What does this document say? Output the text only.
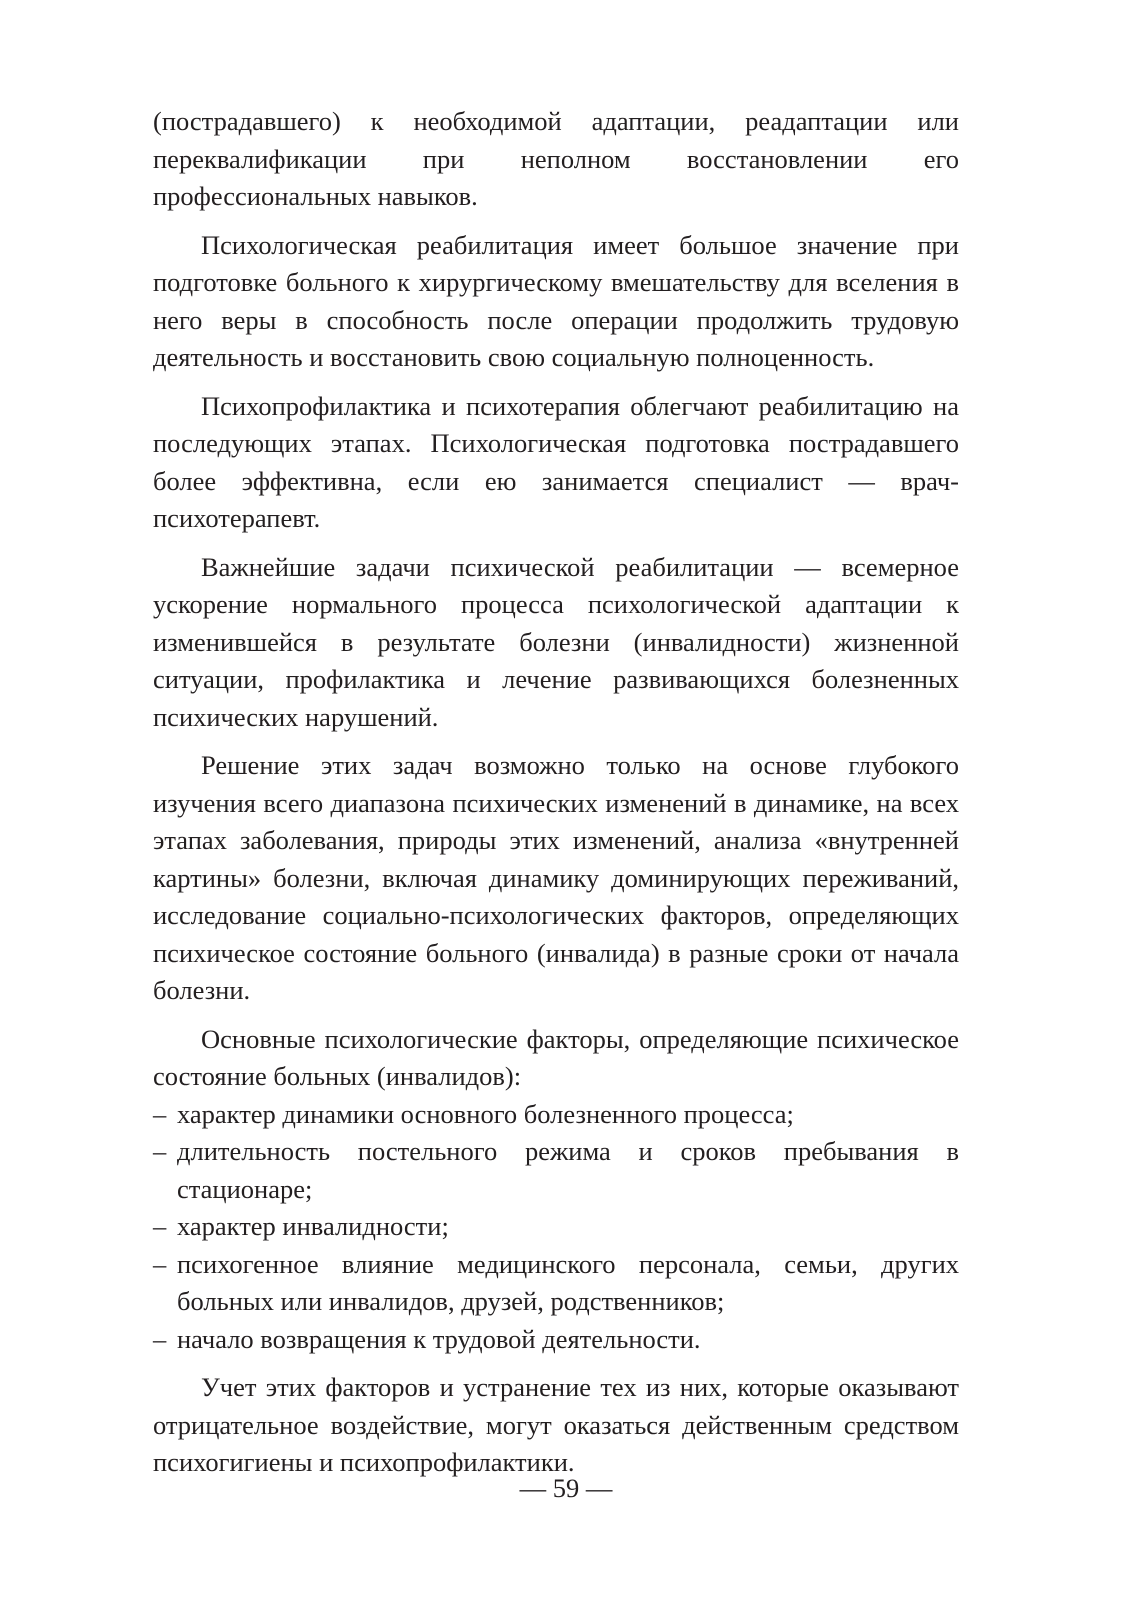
(пострадавшего) к необходимой адаптации, реадаптации или переквалификации при неполном восстановлении его профессиональных навыков.

Психологическая реабилитация имеет большое значение при подготовке больного к хирургическому вмешательству для вселения в него веры в способность после операции продолжить трудовую деятельность и восстановить свою социальную полноценность.

Психопрофилактика и психотерапия облегчают реабилитацию на последующих этапах. Психологическая подготовка пострадавшего более эффективна, если ею занимается специалист — врач-психотерапевт.

Важнейшие задачи психической реабилитации — всемерное ускорение нормального процесса психологической адаптации к изменившейся в результате болезни (инвалидности) жизненной ситуации, профилактика и лечение развивающихся болезненных психических нарушений.

Решение этих задач возможно только на основе глубокого изучения всего диапазона психических изменений в динамике, на всех этапах заболевания, природы этих изменений, анализа «внутренней картины» болезни, включая динамику доминирующих переживаний, исследование социально-психологических факторов, определяющих психическое состояние больного (инвалида) в разные сроки от начала болезни.

Основные психологические факторы, определяющие психическое состояние больных (инвалидов):

– характер динамики основного болезненного процесса;
– длительность постельного режима и сроков пребывания в стационаре;
– характер инвалидности;
– психогенное влияние медицинского персонала, семьи, других больных или инвалидов, друзей, родственников;
– начало возвращения к трудовой деятельности.

Учет этих факторов и устранение тех из них, которые оказывают отрицательное воздействие, могут оказаться действенным средством психогигиены и психопрофилактики.

— 59 —
